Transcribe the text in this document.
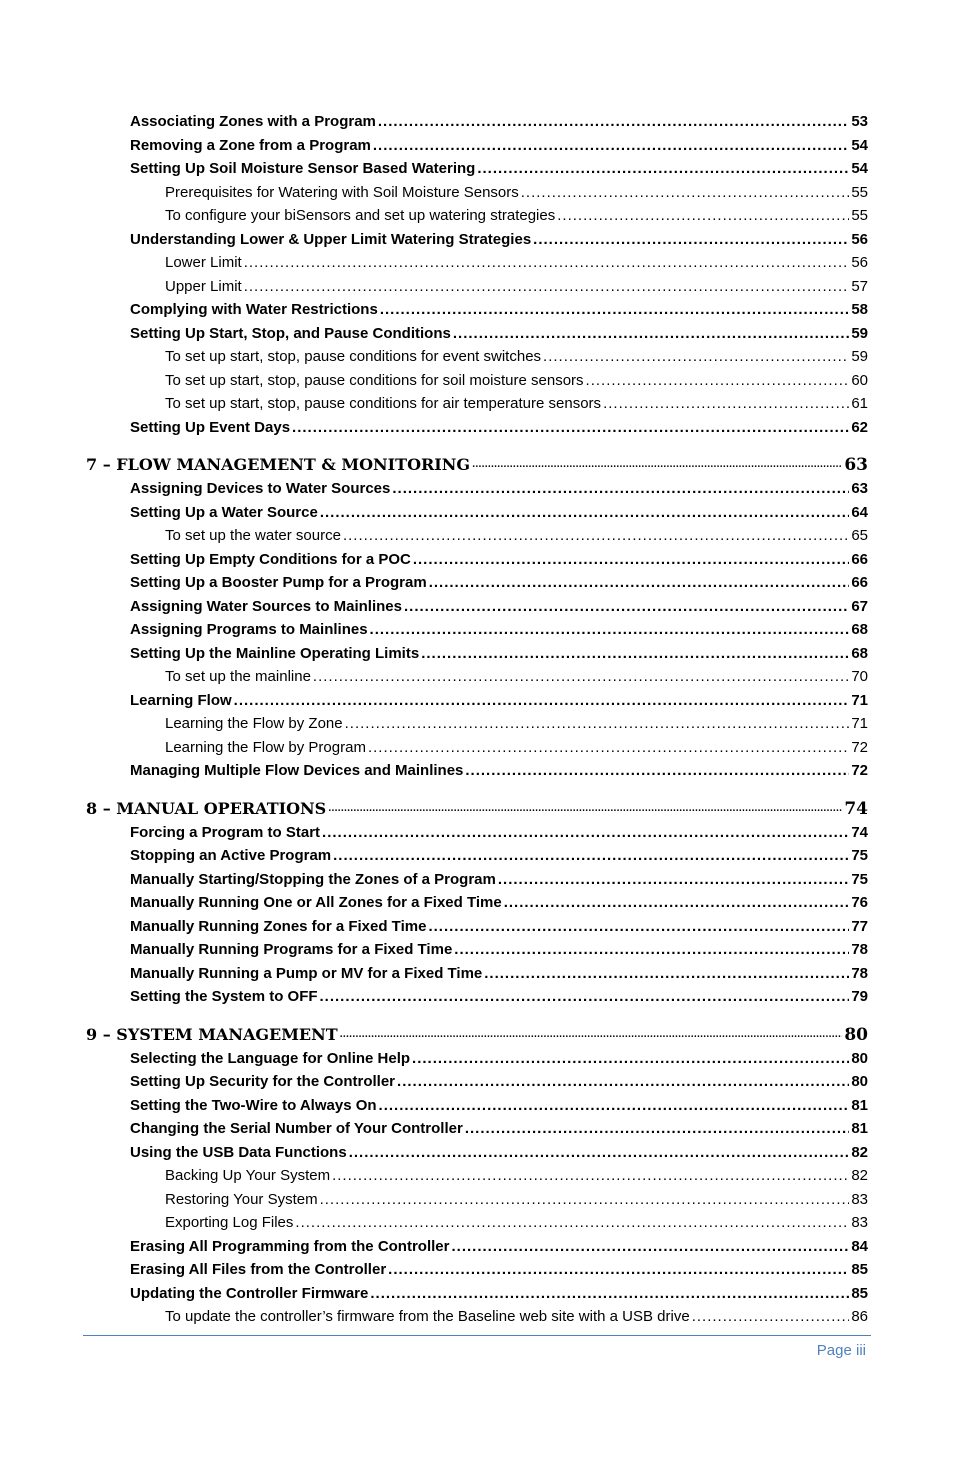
Associating Zones with a Program .....	53
Removing a Zone from a Program .....	54
Setting Up Soil Moisture Sensor Based Watering .....	54
Prerequisites for Watering with Soil Moisture Sensors .....	55
To configure your biSensors and set up watering strategies .....	55
Understanding Lower & Upper Limit Watering Strategies .....	56
Lower Limit .....	56
Upper Limit .....	57
Complying with Water Restrictions .....	58
Setting Up Start, Stop, and Pause Conditions .....	59
To set up start, stop, pause conditions for event switches .....	59
To set up start, stop, pause conditions for soil moisture sensors .....	60
To set up start, stop, pause conditions for air temperature sensors .....	61
Setting Up Event Days .....	62
7 – FLOW MANAGEMENT & MONITORING .....	63
Assigning Devices to Water Sources .....	63
Setting Up a Water Source .....	64
To set up the water source .....	65
Setting Up Empty Conditions for a POC .....	66
Setting Up a Booster Pump for a Program .....	66
Assigning Water Sources to Mainlines .....	67
Assigning Programs to Mainlines .....	68
Setting Up the Mainline Operating Limits .....	68
To set up the mainline .....	70
Learning Flow .....	71
Learning the Flow by Zone .....	71
Learning the Flow by Program .....	72
Managing Multiple Flow Devices and Mainlines .....	72
8 – MANUAL OPERATIONS .....	74
Forcing a Program to Start .....	74
Stopping an Active Program .....	75
Manually Starting/Stopping the Zones of a Program .....	75
Manually Running One or All Zones for a Fixed Time .....	76
Manually Running Zones for a Fixed Time .....	77
Manually Running Programs for a Fixed Time .....	78
Manually Running a Pump or MV for a Fixed Time .....	78
Setting the System to OFF .....	79
9 – SYSTEM MANAGEMENT .....	80
Selecting the Language for Online Help .....	80
Setting Up Security for the Controller .....	80
Setting the Two-Wire to Always On .....	81
Changing the Serial Number of Your Controller .....	81
Using the USB Data Functions .....	82
Backing Up Your System .....	82
Restoring Your System .....	83
Exporting Log Files .....	83
Erasing All Programming from the Controller .....	84
Erasing All Files from the Controller .....	85
Updating the Controller Firmware .....	85
To update the controller’s firmware from the Baseline web site with a USB drive .....	86
Page iii
